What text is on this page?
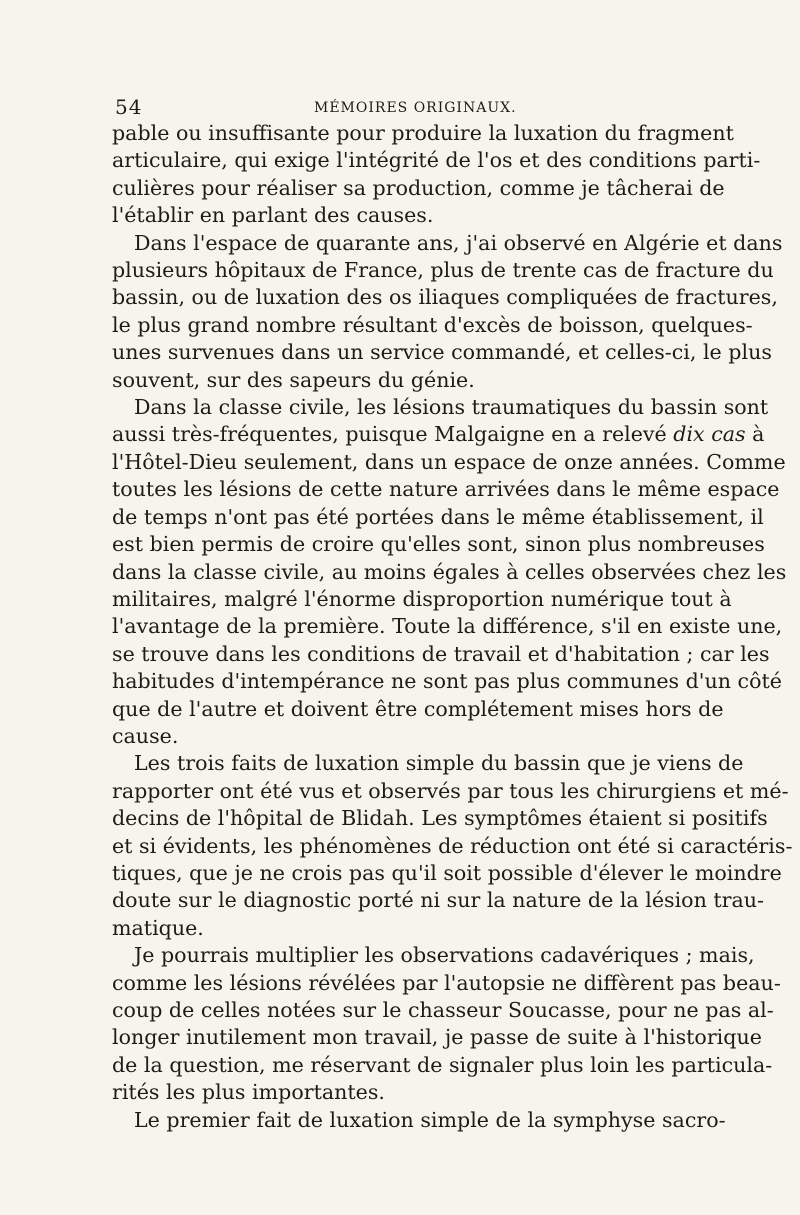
54	MÉMOIRES ORIGINAUX.

pable ou insuffisante pour produire la luxation du fragment
articulaire, qui exige l'intégrité de l'os et des conditions parti-
culières pour réaliser sa production, comme je tâcherai de
l'établir en parlant des causes.

Dans l'espace de quarante ans, j'ai observé en Algérie et dans
plusieurs hôpitaux de France, plus de trente cas de fracture du
bassin, ou de luxation des os iliaques compliquées de fractures,
le plus grand nombre résultant d'excès de boisson, quelques-
unes survenues dans un service commandé, et celles-ci, le plus
souvent, sur des sapeurs du génie.

Dans la classe civile, les lésions traumatiques du bassin sont
aussi très-fréquentes, puisque Malgaigne en a relevé dix cas à
l'Hôtel-Dieu seulement, dans un espace de onze années. Comme
toutes les lésions de cette nature arrivées dans le même espace
de temps n'ont pas été portées dans le même établissement, il
est bien permis de croire qu'elles sont, sinon plus nombreuses
dans la classe civile, au moins égales à celles observées chez les
militaires, malgré l'énorme disproportion numérique tout à
l'avantage de la première. Toute la différence, s'il en existe une,
se trouve dans les conditions de travail et d'habitation ; car les
habitudes d'intempérance ne sont pas plus communes d'un côté
que de l'autre et doivent être complétement mises hors de
cause.

Les trois faits de luxation simple du bassin que je viens de
rapporter ont été vus et observés par tous les chirurgiens et mé-
decins de l'hôpital de Blidah. Les symptômes étaient si positifs
et si évidents, les phénomènes de réduction ont été si caractéris-
tiques, que je ne crois pas qu'il soit possible d'élever le moindre
doute sur le diagnostic porté ni sur la nature de la lésion trau-
matique.

Je pourrais multiplier les observations cadavériques ; mais,
comme les lésions révélées par l'autopsie ne diffèrent pas beau-
coup de celles notées sur le chasseur Soucasse, pour ne pas al-
longer inutilement mon travail, je passe de suite à l'historique
de la question, me réservant de signaler plus loin les particula-
rités les plus importantes.

Le premier fait de luxation simple de la symphyse sacro-
